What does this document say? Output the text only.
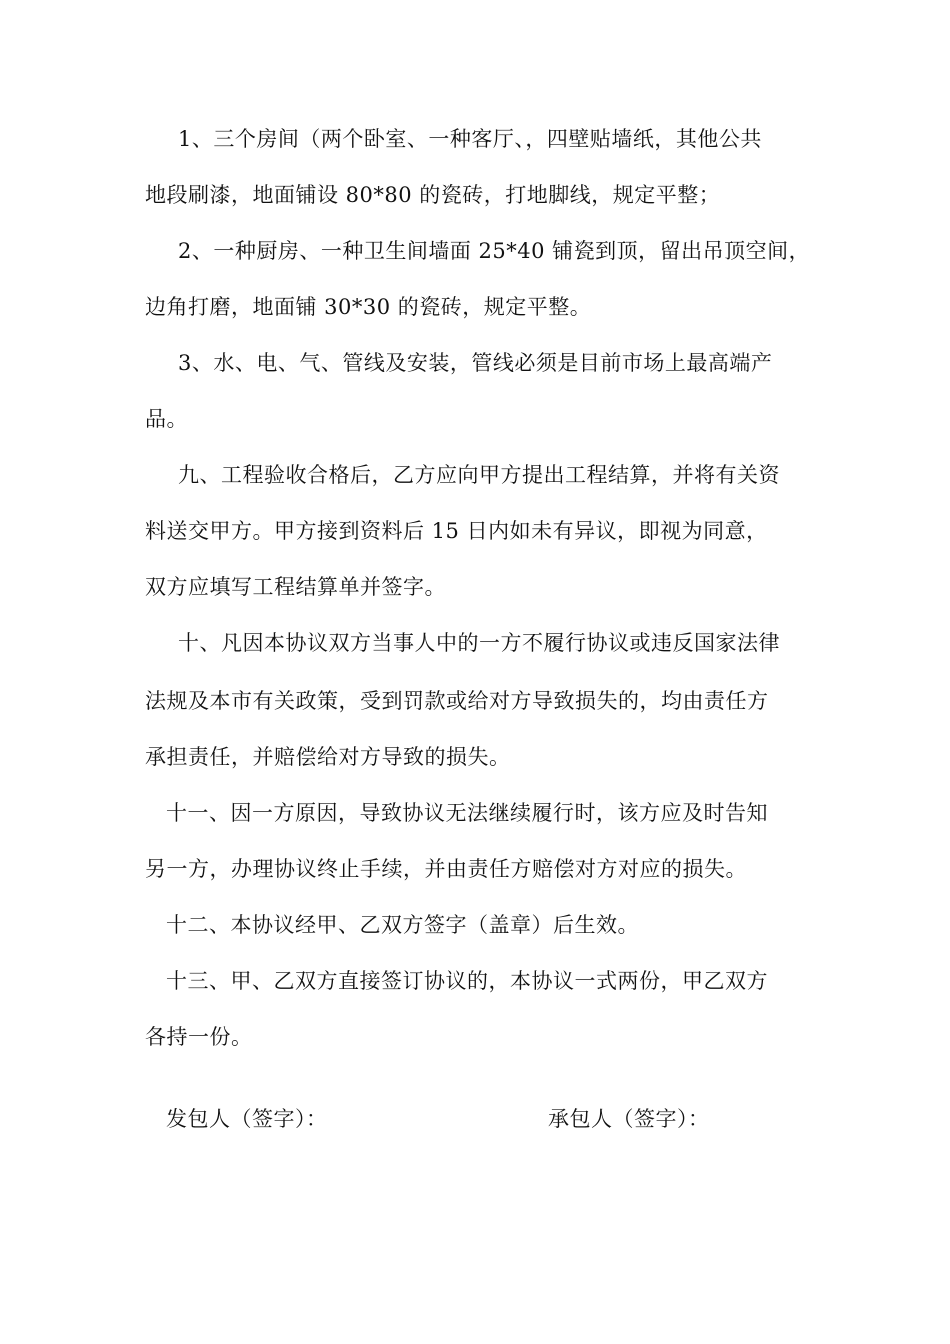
1、三个房间（两个卧室、一种客厅、，四壁贴墙纸，其他公共
地段刷漆，地面铺设 80*80 的瓷砖，打地脚线，规定平整；
2、一种厨房、一种卫生间墙面 25*40 铺瓷到顶，留出吊顶空间，
边角打磨，地面铺 30*30 的瓷砖，规定平整。
3、水、电、气、管线及安装，管线必须是目前市场上最高端产
品。
九、工程验收合格后，乙方应向甲方提出工程结算，并将有关资
料送交甲方。甲方接到资料后 15 日内如未有异议，即视为同意，
双方应填写工程结算单并签字。
十、凡因本协议双方当事人中的一方不履行协议或违反国家法律
法规及本市有关政策，受到罚款或给对方导致损失的，均由责任方
承担责任，并赔偿给对方导致的损失。
十一、因一方原因，导致协议无法继续履行时，该方应及时告知
另一方，办理协议终止手续，并由责任方赔偿对方对应的损失。
十二、本协议经甲、乙双方签字（盖章）后生效。
十三、甲、乙双方直接签订协议的，本协议一式两份，甲乙双方
各持一份。
发包人（签字）：	承包人（签字）：
